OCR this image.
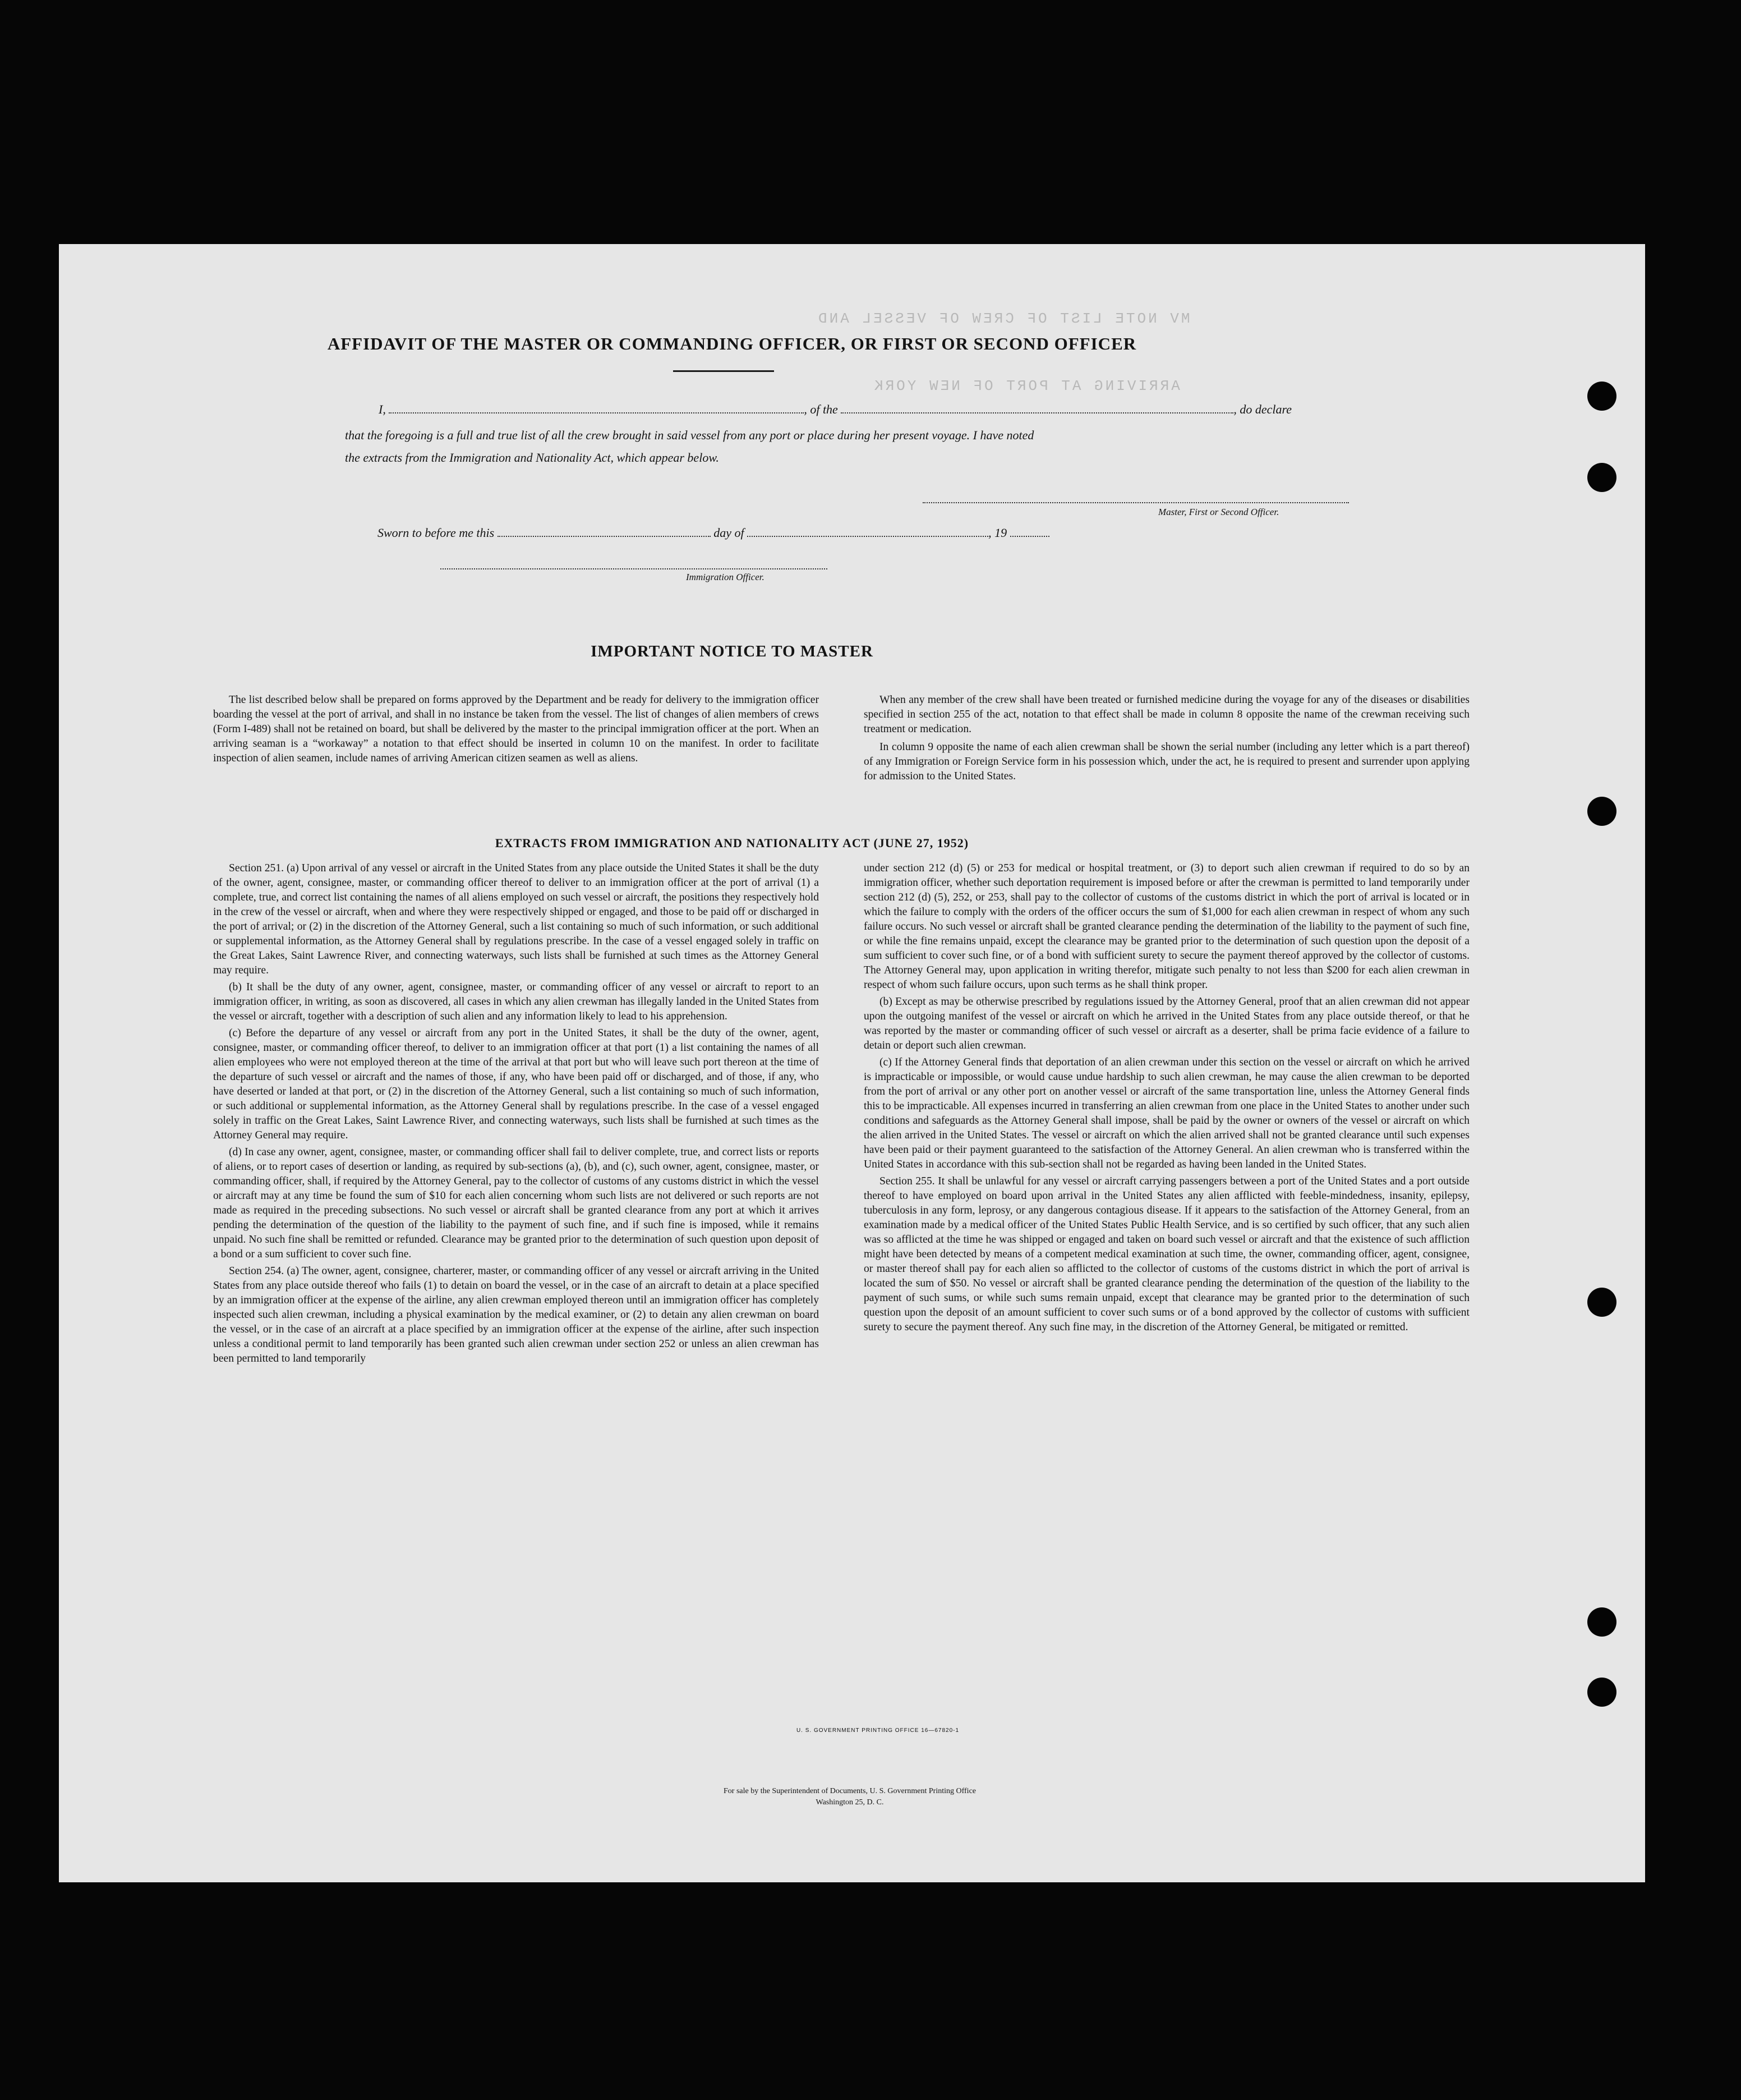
MV NOTE LIST OF CREW OF VESSEL AND
ARRIVING AT PORT OF NEW YORK
AFFIDAVIT OF THE MASTER OR COMMANDING OFFICER, OR FIRST OR SECOND OFFICER
I,	, of the	, do declare
that the foregoing is a full and true list of all the crew brought in said vessel from any port or place during her present voyage. I have noted
the extracts from the Immigration and Nationality Act, which appear below.
Master, First or Second Officer.
Sworn to before me this	day of	, 19
Immigration Officer.
IMPORTANT NOTICE TO MASTER

The list described below shall be prepared on forms approved by the Department and be ready for delivery to the immigration officer boarding the vessel at the port of arrival, and shall in no instance be taken from the vessel. The list of changes of alien members of crews (Form I-489) shall not be retained on board, but shall be delivered by the master to the principal immigration officer at the port. When an arriving seaman is a “workaway” a notation to that effect should be inserted in column 10 on the manifest. In order to facilitate inspection of alien seamen, include names of arriving American citizen seamen as well as aliens.

When any member of the crew shall have been treated or furnished medicine during the voyage for any of the diseases or disabilities specified in section 255 of the act, notation to that effect shall be made in column 8 opposite the name of the crewman receiving such treatment or medication.

In column 9 opposite the name of each alien crewman shall be shown the serial number (including any letter which is a part thereof) of any Immigration or Foreign Service form in his possession which, under the act, he is required to present and surrender upon applying for admission to the United States.

EXTRACTS FROM IMMIGRATION AND NATIONALITY ACT (JUNE 27, 1952)

Section 251. (a) Upon arrival of any vessel or aircraft in the United States from any place outside the United States it shall be the duty of the owner, agent, consignee, master, or commanding officer thereof to deliver to an immigration officer at the port of arrival (1) a complete, true, and correct list containing the names of all aliens employed on such vessel or aircraft, the positions they respectively hold in the crew of the vessel or aircraft, when and where they were respectively shipped or engaged, and those to be paid off or discharged in the port of arrival; or (2) in the discretion of the Attorney General, such a list containing so much of such information, or such additional or supplemental information, as the Attorney General shall by regulations prescribe. In the case of a vessel engaged solely in traffic on the Great Lakes, Saint Lawrence River, and connecting waterways, such lists shall be furnished at such times as the Attorney General may require.

(b) It shall be the duty of any owner, agent, consignee, master, or commanding officer of any vessel or aircraft to report to an immigration officer, in writing, as soon as discovered, all cases in which any alien crewman has illegally landed in the United States from the vessel or aircraft, together with a description of such alien and any information likely to lead to his apprehension.

(c) Before the departure of any vessel or aircraft from any port in the United States, it shall be the duty of the owner, agent, consignee, master, or commanding officer thereof, to deliver to an immigration officer at that port (1) a list containing the names of all alien employees who were not employed thereon at the time of the arrival at that port but who will leave such port thereon at the time of the departure of such vessel or aircraft and the names of those, if any, who have been paid off or discharged, and of those, if any, who have deserted or landed at that port, or (2) in the discretion of the Attorney General, such a list containing so much of such information, or such additional or supplemental information, as the Attorney General shall by regulations prescribe. In the case of a vessel engaged solely in traffic on the Great Lakes, Saint Lawrence River, and connecting waterways, such lists shall be furnished at such times as the Attorney General may require.

(d) In case any owner, agent, consignee, master, or commanding officer shall fail to deliver complete, true, and correct lists or reports of aliens, or to report cases of desertion or landing, as required by sub-sections (a), (b), and (c), such owner, agent, consignee, master, or commanding officer, shall, if required by the Attorney General, pay to the collector of customs of any customs district in which the vessel or aircraft may at any time be found the sum of $10 for each alien concerning whom such lists are not delivered or such reports are not made as required in the preceding subsections. No such vessel or aircraft shall be granted clearance from any port at which it arrives pending the determination of the question of the liability to the payment of such fine, and if such fine is imposed, while it remains unpaid. No such fine shall be remitted or refunded. Clearance may be granted prior to the determination of such question upon deposit of a bond or a sum sufficient to cover such fine.

Section 254. (a) The owner, agent, consignee, charterer, master, or commanding officer of any vessel or aircraft arriving in the United States from any place outside thereof who fails (1) to detain on board the vessel, or in the case of an aircraft to detain at a place specified by an immigration officer at the expense of the airline, any alien crewman employed thereon until an immigration officer has completely inspected such alien crewman, including a physical examination by the medical examiner, or (2) to detain any alien crewman on board the vessel, or in the case of an aircraft at a place specified by an immigration officer at the expense of the airline, after such inspection unless a conditional permit to land temporarily has been granted such alien crewman under section 252 or unless an alien crewman has been permitted to land temporarily

under section 212 (d) (5) or 253 for medical or hospital treatment, or (3) to deport such alien crewman if required to do so by an immigration officer, whether such deportation requirement is imposed before or after the crewman is permitted to land temporarily under section 212 (d) (5), 252, or 253, shall pay to the collector of customs of the customs district in which the port of arrival is located or in which the failure to comply with the orders of the officer occurs the sum of $1,000 for each alien crewman in respect of whom any such failure occurs. No such vessel or aircraft shall be granted clearance pending the determination of the liability to the payment of such fine, or while the fine remains unpaid, except the clearance may be granted prior to the determination of such question upon the deposit of a sum sufficient to cover such fine, or of a bond with sufficient surety to secure the payment thereof approved by the collector of customs. The Attorney General may, upon application in writing therefor, mitigate such penalty to not less than $200 for each alien crewman in respect of whom such failure occurs, upon such terms as he shall think proper.

(b) Except as may be otherwise prescribed by regulations issued by the Attorney General, proof that an alien crewman did not appear upon the outgoing manifest of the vessel or aircraft on which he arrived in the United States from any place outside thereof, or that he was reported by the master or commanding officer of such vessel or aircraft as a deserter, shall be prima facie evidence of a failure to detain or deport such alien crewman.

(c) If the Attorney General finds that deportation of an alien crewman under this section on the vessel or aircraft on which he arrived is impracticable or impossible, or would cause undue hardship to such alien crewman, he may cause the alien crewman to be deported from the port of arrival or any other port on another vessel or aircraft of the same transportation line, unless the Attorney General finds this to be impracticable. All expenses incurred in transferring an alien crewman from one place in the United States to another under such conditions and safeguards as the Attorney General shall impose, shall be paid by the owner or owners of the vessel or aircraft on which the alien arrived in the United States. The vessel or aircraft on which the alien arrived shall not be granted clearance until such expenses have been paid or their payment guaranteed to the satisfaction of the Attorney General. An alien crewman who is transferred within the United States in accordance with this sub-section shall not be regarded as having been landed in the United States.

Section 255. It shall be unlawful for any vessel or aircraft carrying passengers between a port of the United States and a port outside thereof to have employed on board upon arrival in the United States any alien afflicted with feeble-mindedness, insanity, epilepsy, tuberculosis in any form, leprosy, or any dangerous contagious disease. If it appears to the satisfaction of the Attorney General, from an examination made by a medical officer of the United States Public Health Service, and is so certified by such officer, that any such alien was so afflicted at the time he was shipped or engaged and taken on board such vessel or aircraft and that the existence of such affliction might have been detected by means of a competent medical examination at such time, the owner, commanding officer, agent, consignee, or master thereof shall pay for each alien so afflicted to the collector of customs of the customs district in which the port of arrival is located the sum of $50. No vessel or aircraft shall be granted clearance pending the determination of the question of the liability to the payment of such sums, or while such sums remain unpaid, except that clearance may be granted prior to the determination of such question upon the deposit of an amount sufficient to cover such sums or of a bond approved by the collector of customs with sufficient surety to secure the payment thereof. Any such fine may, in the discretion of the Attorney General, be mitigated or remitted.

U. S. GOVERNMENT PRINTING OFFICE 16—67820-1
For sale by the Superintendent of Documents, U. S. Government Printing Office
Washington 25, D. C.
